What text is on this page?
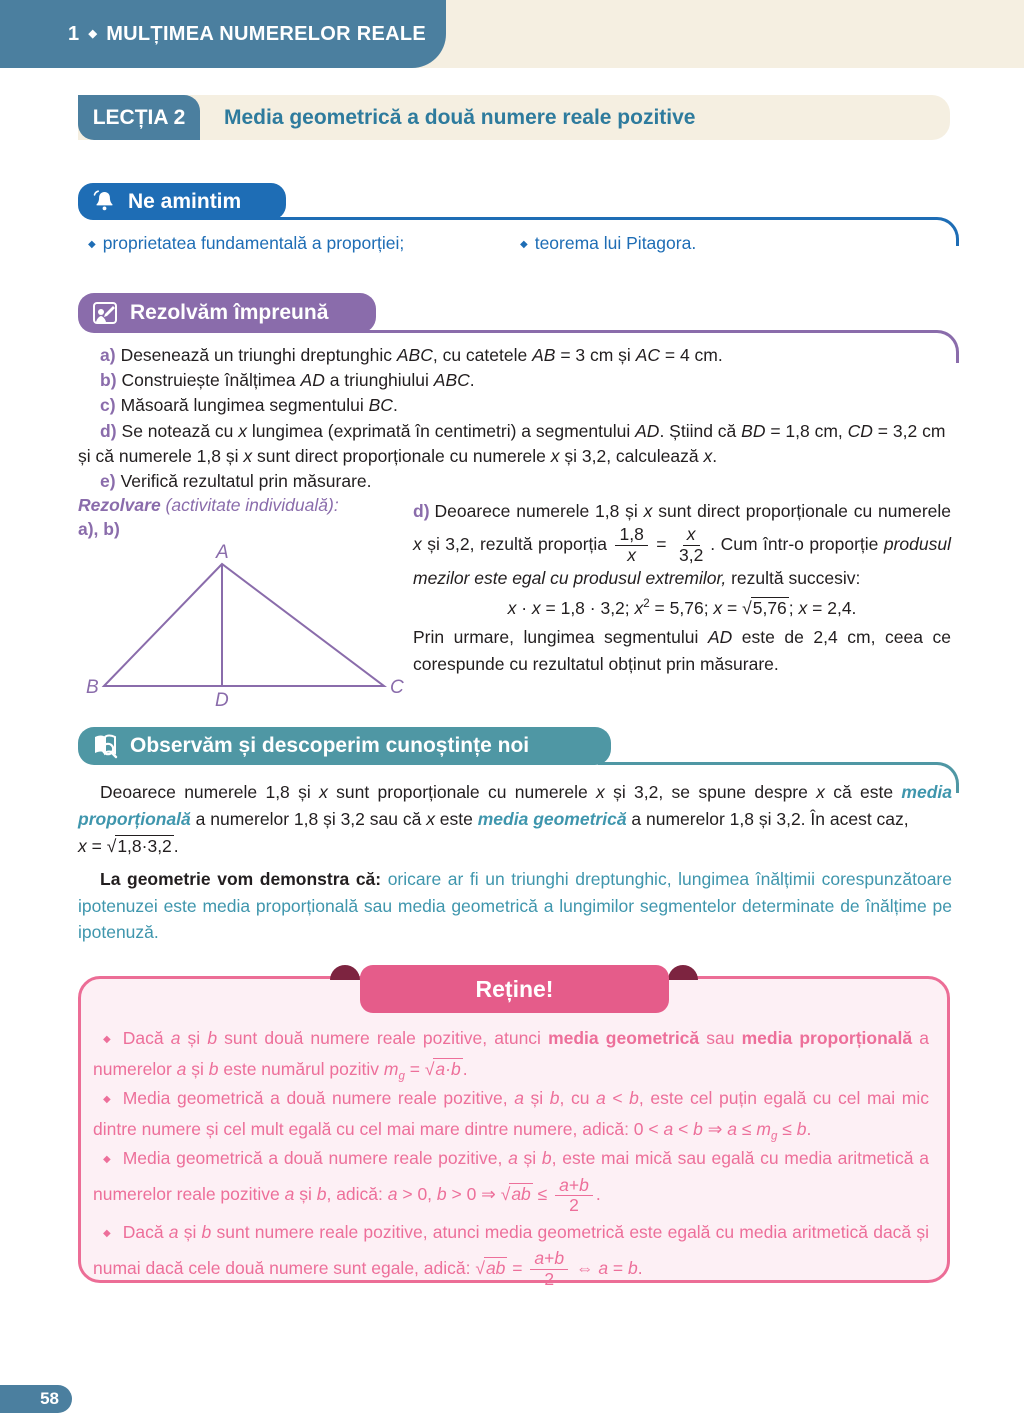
1 ◆ MULȚIMEA NUMERELOR REALE
LECȚIA 2	Media geometrică a două numere reale pozitive
Ne amintim
◆ proprietatea fundamentală a proporției;	◆ teorema lui Pitagora.
Rezolvăm împreună

a) Desenează un triunghi dreptunghic ABC, cu catetele AB = 3 cm și AC = 4 cm.

b) Construiește înălțimea AD a triunghiului ABC.

c) Măsoară lungimea segmentului BC.

d) Se notează cu x lungimea (exprimată în centimetri) a segmentului AD. Știind că BD = 1,8 cm, CD = 3,2 cm și că numerele 1,8 și x sunt direct proporționale cu numerele x și 3,2, calculează x.

e) Verifică rezultatul prin măsurare.

Rezolvare (activitate individuală):
a), b)
A
B	C
D

d) Deoarece numerele 1,8 și x sunt direct proporționale cu numerele x și 3,2, rezultă proporția $\frac{1,8}{x} = \frac{x}{3,2}$ . Cum într-o proporție produsul mezilor este egal cu produsul extremilor, rezultă succesiv:

x · x = 1,8 · 3,2; $x^2 = 5,76$; x = √5,76 ; x = 2,4.

Prin urmare, lungimea segmentului AD este de 2,4 cm, ceea ce corespunde cu rezultatul obținut prin măsurare.

Observăm și descoperim cunoștințe noi

Deoarece numerele 1,8 și x sunt proporționale cu numerele x și 3,2, se spune despre x că este media proporțională a numerelor 1,8 și 3,2 sau că x este media geometrică a numerelor 1,8 și 3,2. În acest caz,

x = √1,8·3,2 .

La geometrie vom demonstra că: oricare ar fi un triunghi dreptunghic, lungimea înălțimii corespunzătoare ipotenuzei este media proporțională sau media geometrică a lungimilor segmentelor determinate de înălțime pe ipotenuză.

Reține!

◆ Dacă a și b sunt două numere reale pozitive, atunci media geometrică sau media proporțională a numerelor a și b este numărul pozitiv $m_g = √a\cdot b$ .

◆ Media geometrică a două numere reale pozitive, a și b, cu a < b, este cel puțin egală cu cel mai mic dintre numere și cel mult egală cu cel mai mare dintre numere, adică: 0 < a < b ⇒ $a \le m_g \le b$.

◆ Media geometrică a două numere reale pozitive, a și b, este mai mică sau egală cu media aritmetică a numerelor reale pozitive a și b, adică: a > 0, b > 0 ⇒ $√ab \le \frac{a+b}{2}$ .

◆ Dacă a și b sunt numere reale pozitive, atunci media geometrică este egală cu media aritmetică dacă și numai dacă cele două numere sunt egale, adică: $√ab = \frac{a+b}{2}$ ⇔ a = b.

58
